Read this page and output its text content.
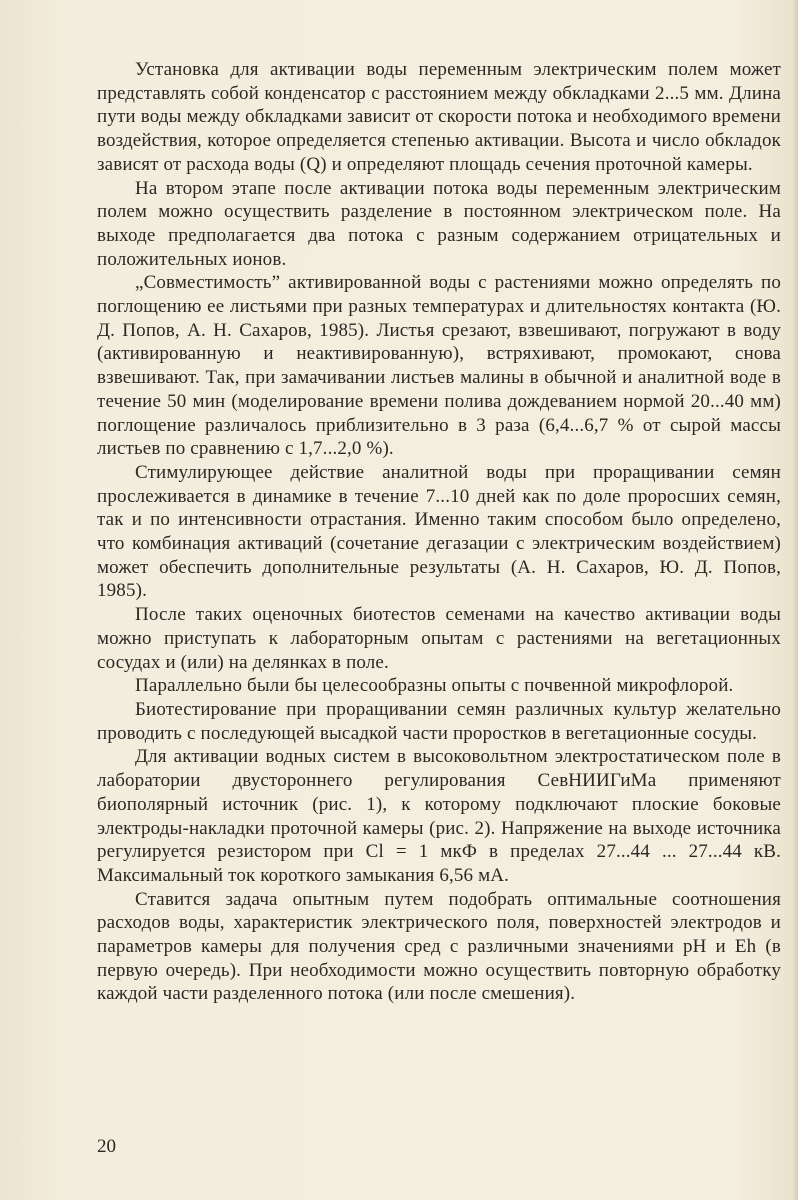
Установка для активации воды переменным электрическим полем может представлять собой конденсатор с расстоянием между обкладками 2...5 мм. Длина пути воды между обкладками зависит от скорости потока и необходимого времени воздействия, которое определяется степенью активации. Высота и число обкладок зависят от расхода воды (Q) и определяют площадь сечения проточной камеры.

На втором этапе после активации потока воды переменным электрическим полем можно осуществить разделение в постоянном электрическом поле. На выходе предполагается два потока с разным содержанием отрицательных и положительных ионов.

„Совместимость” активированной воды с растениями можно определять по поглощению ее листьями при разных температурах и длительностях контакта (Ю. Д. Попов, А. Н. Сахаров, 1985). Листья срезают, взвешивают, погружают в воду (активированную и неактивированную), встряхивают, промокают, снова взвешивают. Так, при замачивании листьев малины в обычной и аналитной воде в течение 50 мин (моделирование времени полива дождеванием нормой 20...40 мм) поглощение различалось приблизительно в 3 раза (6,4...6,7 % от сырой массы листьев по сравнению с 1,7...2,0 %).

Стимулирующее действие аналитной воды при проращивании семян прослеживается в динамике в течение 7...10 дней как по доле проросших семян, так и по интенсивности отрастания. Именно таким способом было определено, что комбинация активаций (сочетание дегазации с электрическим воздействием) может обеспечить дополнительные результаты (А. Н. Сахаров, Ю. Д. Попов, 1985).

После таких оценочных биотестов семенами на качество активации воды можно приступать к лабораторным опытам с растениями на вегетационных сосудах и (или) на делянках в поле.

Параллельно были бы целесообразны опыты с почвенной микрофлорой.

Биотестирование при проращивании семян различных культур желательно проводить с последующей высадкой части проростков в вегетационные сосуды.

Для активации водных систем в высоковольтном электростатическом поле в лаборатории двустороннего регулирования СевНИИГиМа применяют биополярный источник (рис. 1), к которому подключают плоские боковые электроды-накладки проточной камеры (рис. 2). Напряжение на выходе источника регулируется резистором при Cl = 1 мкФ в пределах 27...44 ... 27...44 кВ. Максимальный ток короткого замыкания 6,56 мА.

Ставится задача опытным путем подобрать оптимальные соотношения расходов воды, характеристик электрического поля, поверхностей электродов и параметров камеры для получения сред с различными значениями pH и Eh (в первую очередь). При необходимости можно осуществить повторную обработку каждой части разделенного потока (или после смешения).

20
